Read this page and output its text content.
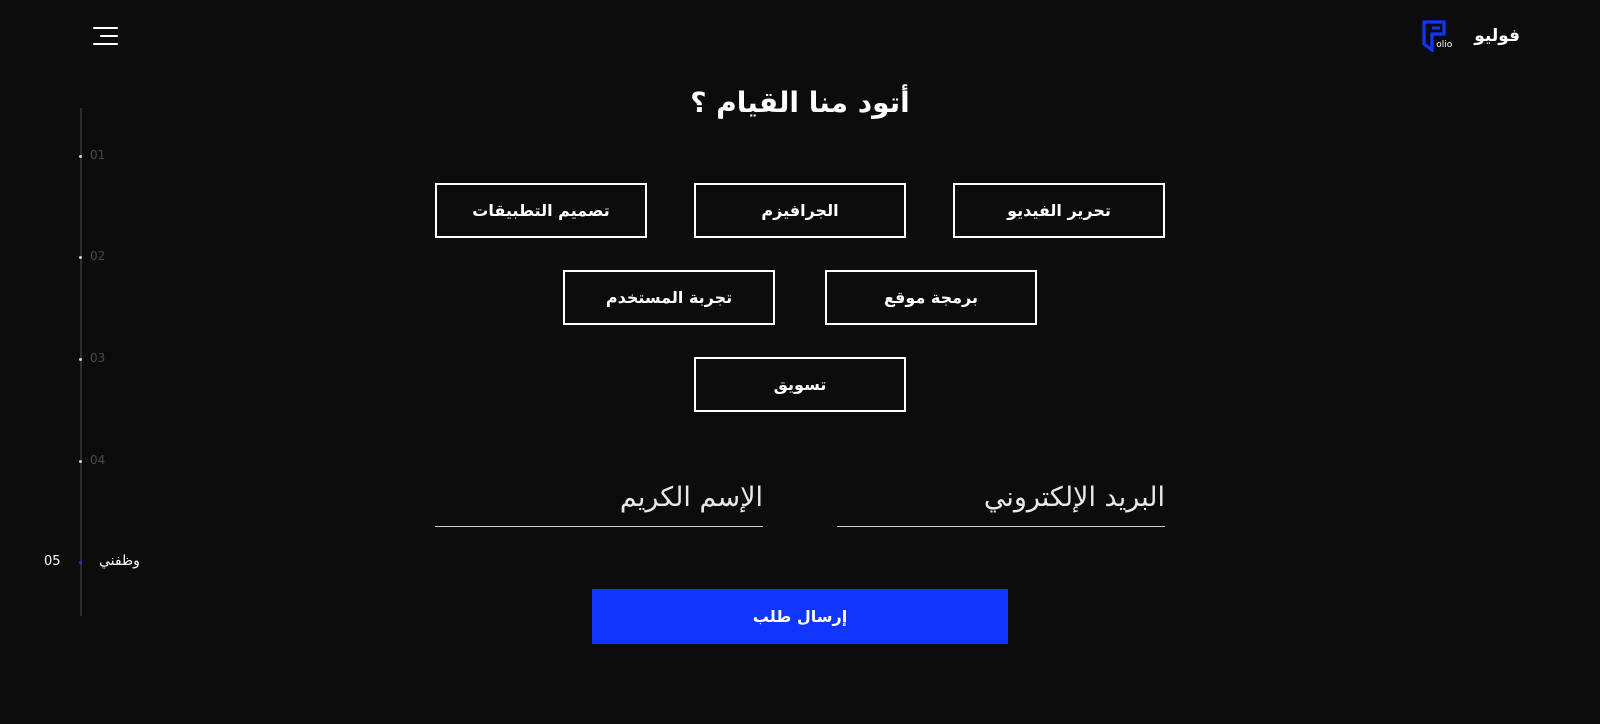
olio فوليو
01
02
03
04
05	وظفني
أتود منا القيام ؟
تحرير الفيديو
الجرافيزم
تصميم التطبيقات
برمجة موقع
تجربة المستخدم
تسويق
البريد الإلكتروني
الإسم الكريم
إرسال طلب
